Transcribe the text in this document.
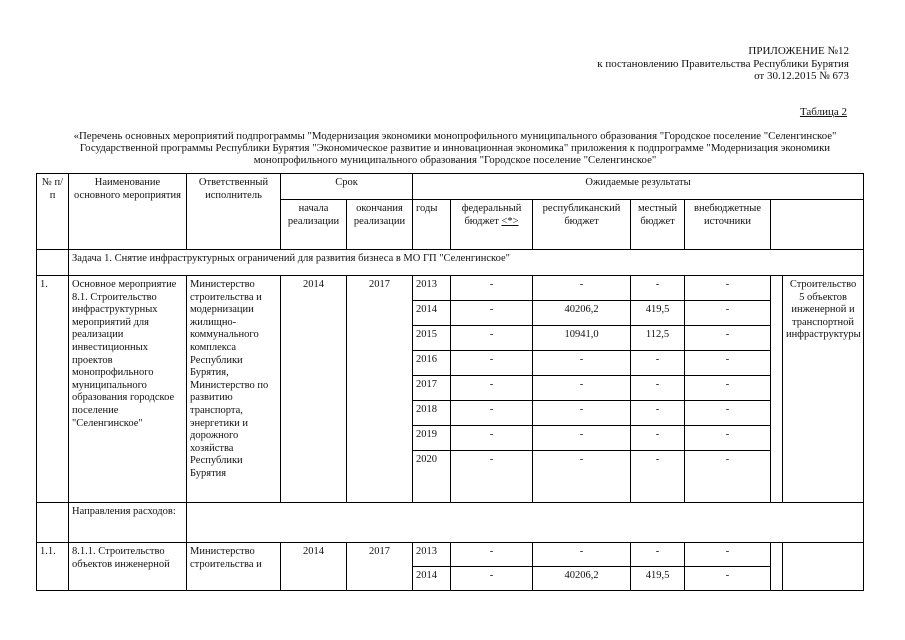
ПРИЛОЖЕНИЕ №12
к постановлению Правительства Республики Бурятия
от 30.12.2015 № 673
Таблица 2
«Перечень основных мероприятий подпрограммы "Модернизация экономики монопрофильного муниципального образования "Городское поселение "Селенгинское" Государственной программы Республики Бурятия "Экономическое развитие и инновационная экономика" приложения к подпрограмме "Модернизация экономики монопрофильного муниципального образования "Городское поселение "Селенгинское"
№ п/п	Наименование основного мероприятия	Ответственный исполнитель	Срок		Ожидаемые результаты						
			начала реализации	окончания реализации	годы	федеральный бюджет <*>	республиканский бюджет	местный бюджет	внебюджетные источники		
	Задача 1. Снятие инфраструктурных ограничений для развития бизнеса в МО ГП "Селенгинское"										
1.	Основное мероприятие 8.1. Строительство инфраструктурных мероприятий для реализации инвестиционных проектов монопрофильного муниципального образования городское поселение "Селенгинское"	Министерство строительства и модернизации жилищно-коммунального комплекса Республики Бурятия, Министерство по развитию транспорта, энергетики и дорожного хозяйства Республики Бурятия	2014	2017	2013	-	-	-	-		Строительство 5 объектов инженерной и транспортной инфраструктуры
					2014	-	40206,2	419,5	-		
					2015	-	10941,0	112,5	-		
					2016	-	-	-	-		
					2017	-	-	-	-		
					2018	-	-	-	-		
					2019	-	-	-	-		
					2020	-	-	-	-		
	Направления расходов:										
1.1.	8.1.1. Строительство объектов инженерной	Министерство строительства и	2014	2017	2013	-	-	-	-		
					2014	-	40206,2	419,5	-		
